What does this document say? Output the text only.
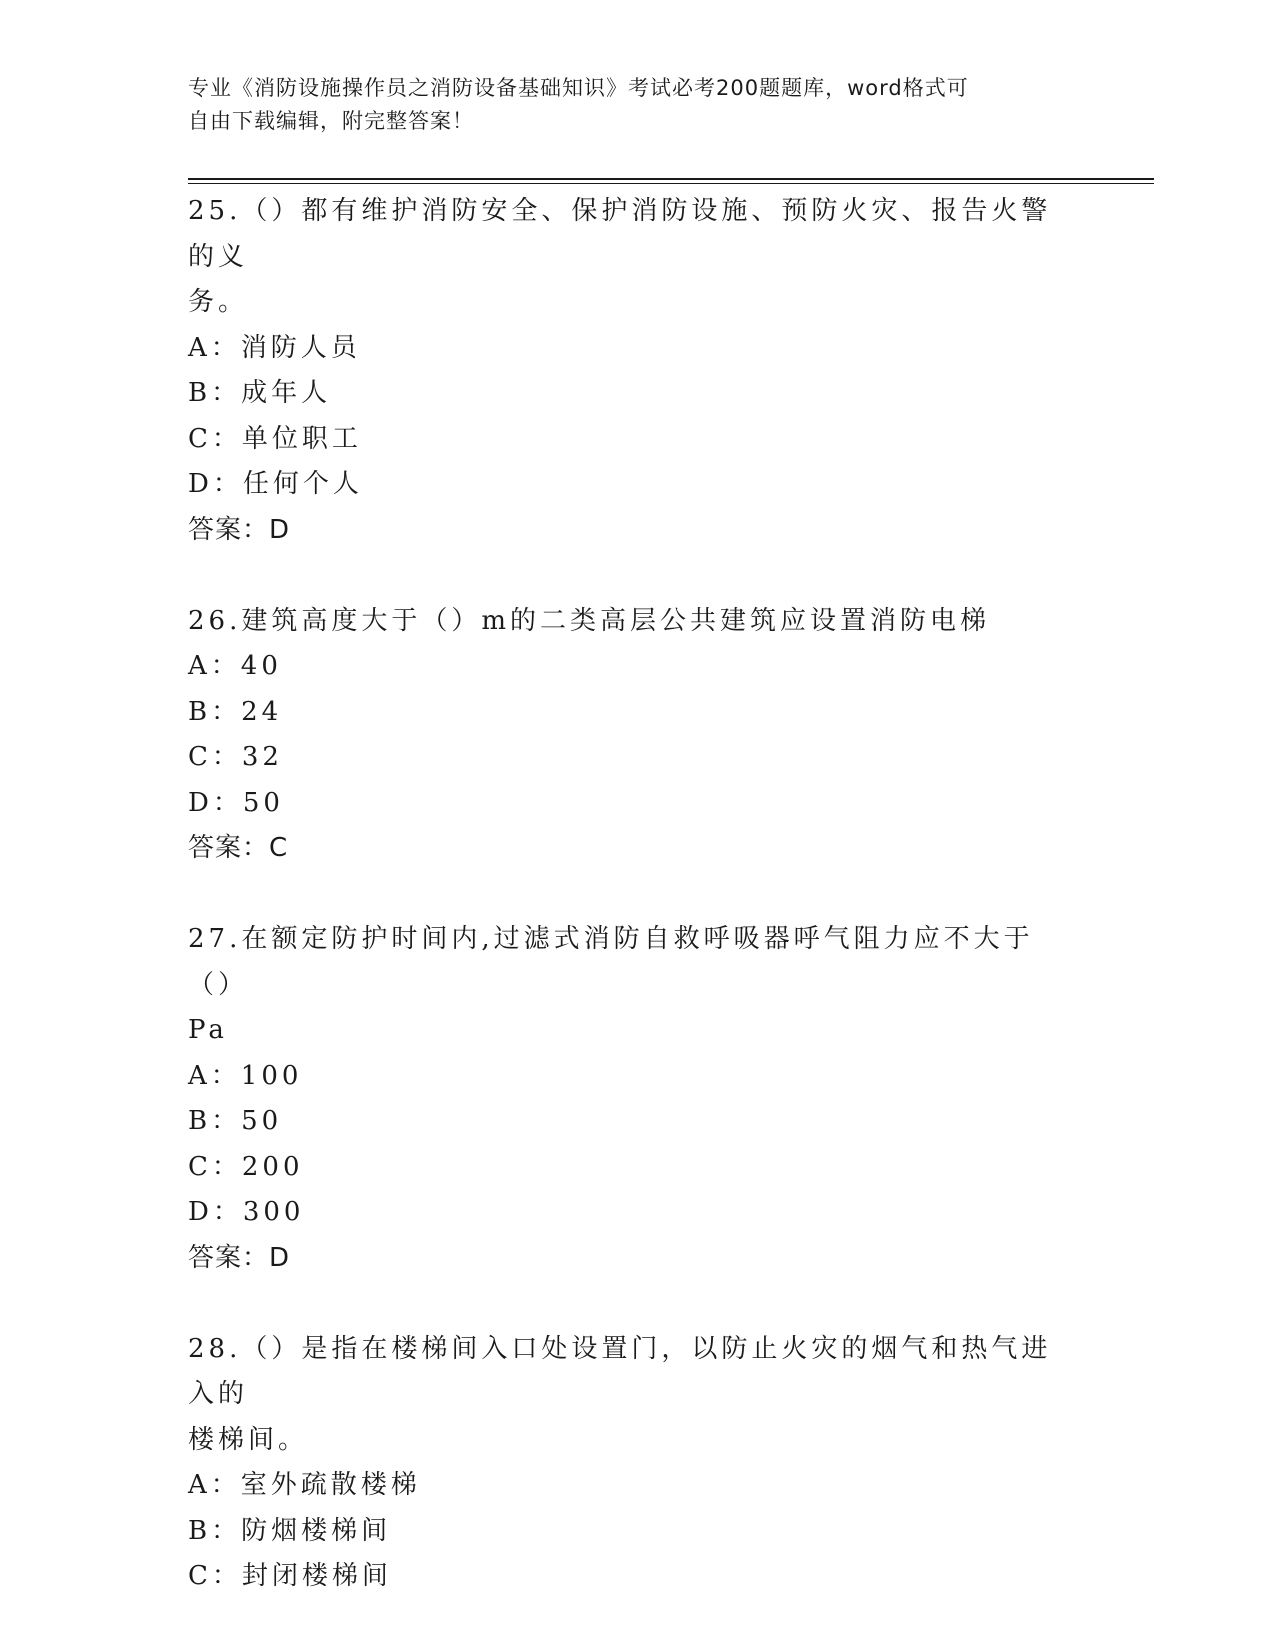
专业《消防设施操作员之消防设备基础知识》考试必考200题题库，word格式可
自由下载编辑，附完整答案！
25.（）都有维护消防安全、保护消防设施、预防火灾、报告火警的义
务。
A：消防人员
B：成年人
C：单位职工
D：任何个人
答案：D
26.建筑高度大于（）m的二类高层公共建筑应设置消防电梯
A：40
B：24
C：32
D：50
答案：C
27.在额定防护时间内,过滤式消防自救呼吸器呼气阻力应不大于（）
Pa
A：100
B：50
C：200
D：300
答案：D
28.（）是指在楼梯间入口处设置门，以防止火灾的烟气和热气进入的
楼梯间。
A：室外疏散楼梯
B：防烟楼梯间
C：封闭楼梯间
